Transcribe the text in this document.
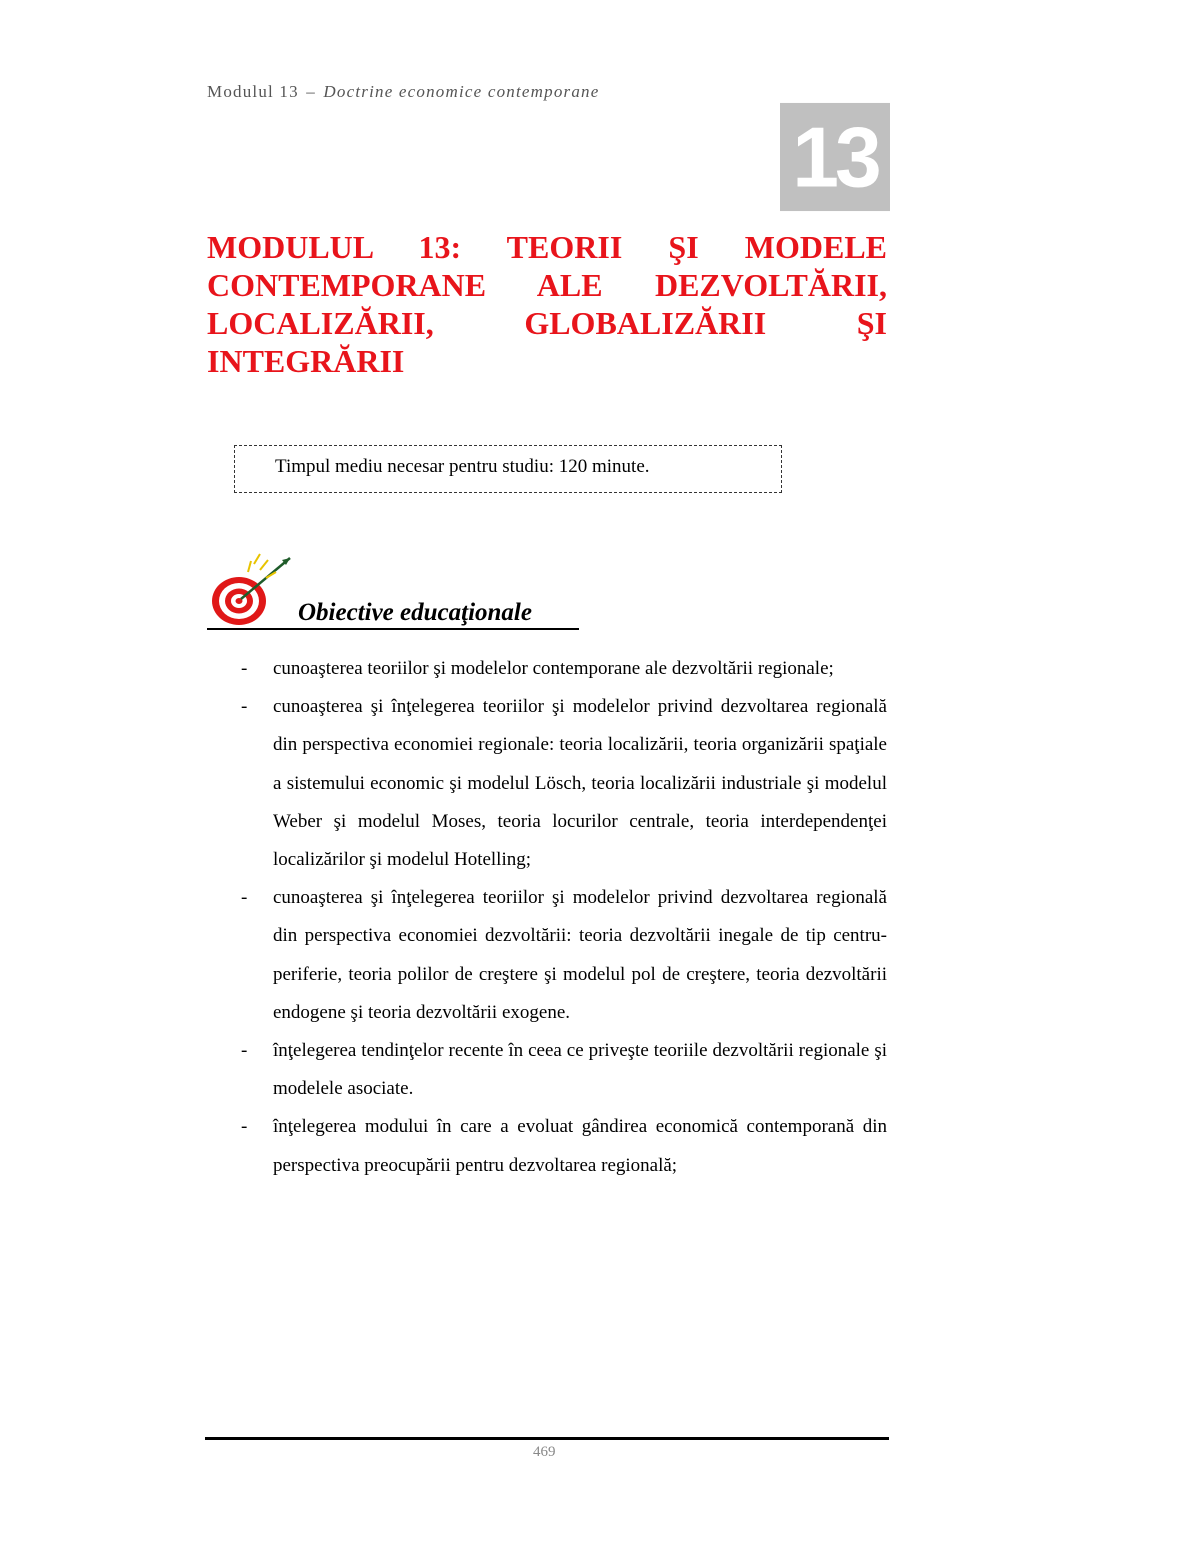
Modulul 13 – Doctrine economice contemporane
13
MODULUL 13: TEORII ŞI MODELE CONTEMPORANE ALE DEZVOLTĂRII, LOCALIZĂRII, GLOBALIZĂRII ŞI INTEGRĂRII
Timpul mediu necesar pentru studiu: 120 minute.
Obiective educaţionale
- cunoaşterea teoriilor şi modelelor contemporane ale dezvoltării regionale;
- cunoaşterea şi înţelegerea teoriilor şi modelelor privind dezvoltarea regională din perspectiva economiei regionale: teoria localizării, teoria organizării spaţiale a sistemului economic şi modelul Lösch, teoria localizării industriale şi modelul Weber şi modelul Moses, teoria locurilor centrale, teoria interdependenţei localizărilor şi modelul Hotelling;
- cunoaşterea şi înţelegerea teoriilor şi modelelor privind dezvoltarea regională din perspectiva economiei dezvoltării: teoria dezvoltării inegale de tip centru-periferie, teoria polilor de creştere şi modelul pol de creştere, teoria dezvoltării endogene şi teoria dezvoltării exogene.
- înţelegerea tendinţelor recente în ceea ce priveşte teoriile dezvoltării regionale şi modelele asociate.
- înţelegerea modului în care a evoluat gândirea economică contemporană din perspectiva preocupării pentru dezvoltarea regională;
469
